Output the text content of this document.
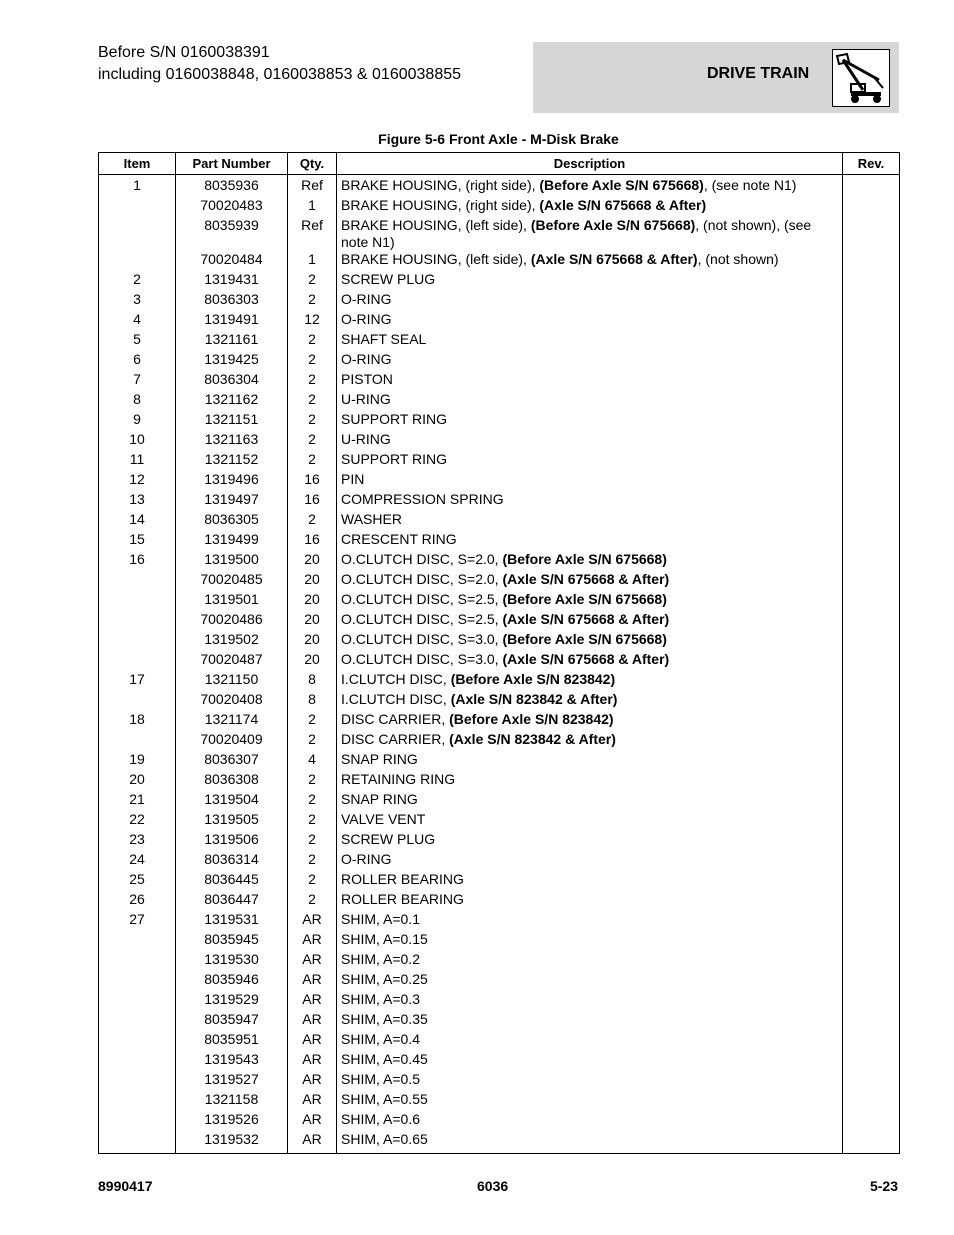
Before S/N 0160038391
including 0160038848, 0160038853 & 0160038855	DRIVE TRAIN
Figure 5-6 Front Axle - M-Disk Brake
Item	Part Number	Qty.	Description	Rev.
1	8035936	Ref	BRAKE HOUSING, (right side), (Before Axle S/N 675668), (see note N1)	
	70020483	1	BRAKE HOUSING, (right side), (Axle S/N 675668 & After)	
	8035939	Ref	BRAKE HOUSING, (left side), (Before Axle S/N 675668), (not shown), (see note N1)	
	70020484	1	BRAKE HOUSING, (left side), (Axle S/N 675668 & After), (not shown)	
2	1319431	2	SCREW PLUG	
3	8036303	2	O-RING	
4	1319491	12	O-RING	
5	1321161	2	SHAFT SEAL	
6	1319425	2	O-RING	
7	8036304	2	PISTON	
8	1321162	2	U-RING	
9	1321151	2	SUPPORT RING	
10	1321163	2	U-RING	
11	1321152	2	SUPPORT RING	
12	1319496	16	PIN	
13	1319497	16	COMPRESSION SPRING	
14	8036305	2	WASHER	
15	1319499	16	CRESCENT RING	
16	1319500	20	O.CLUTCH DISC, S=2.0, (Before Axle S/N 675668)	
	70020485	20	O.CLUTCH DISC, S=2.0, (Axle S/N 675668 & After)	
	1319501	20	O.CLUTCH DISC, S=2.5, (Before Axle S/N 675668)	
	70020486	20	O.CLUTCH DISC, S=2.5, (Axle S/N 675668 & After)	
	1319502	20	O.CLUTCH DISC, S=3.0, (Before Axle S/N 675668)	
	70020487	20	O.CLUTCH DISC, S=3.0, (Axle S/N 675668 & After)	
17	1321150	8	I.CLUTCH DISC, (Before Axle S/N 823842)	
	70020408	8	I.CLUTCH DISC, (Axle S/N 823842 & After)	
18	1321174	2	DISC CARRIER, (Before Axle S/N 823842)	
	70020409	2	DISC CARRIER, (Axle S/N 823842 & After)	
19	8036307	4	SNAP RING	
20	8036308	2	RETAINING RING	
21	1319504	2	SNAP RING	
22	1319505	2	VALVE VENT	
23	1319506	2	SCREW PLUG	
24	8036314	2	O-RING	
25	8036445	2	ROLLER BEARING	
26	8036447	2	ROLLER BEARING	
27	1319531	AR	SHIM, A=0.1	
	8035945	AR	SHIM, A=0.15	
	1319530	AR	SHIM, A=0.2	
	8035946	AR	SHIM, A=0.25	
	1319529	AR	SHIM, A=0.3	
	8035947	AR	SHIM, A=0.35	
	8035951	AR	SHIM, A=0.4	
	1319543	AR	SHIM, A=0.45	
	1319527	AR	SHIM, A=0.5	
	1321158	AR	SHIM, A=0.55	
	1319526	AR	SHIM, A=0.6	
	1319532	AR	SHIM, A=0.65	
8990417	6036	5-23
